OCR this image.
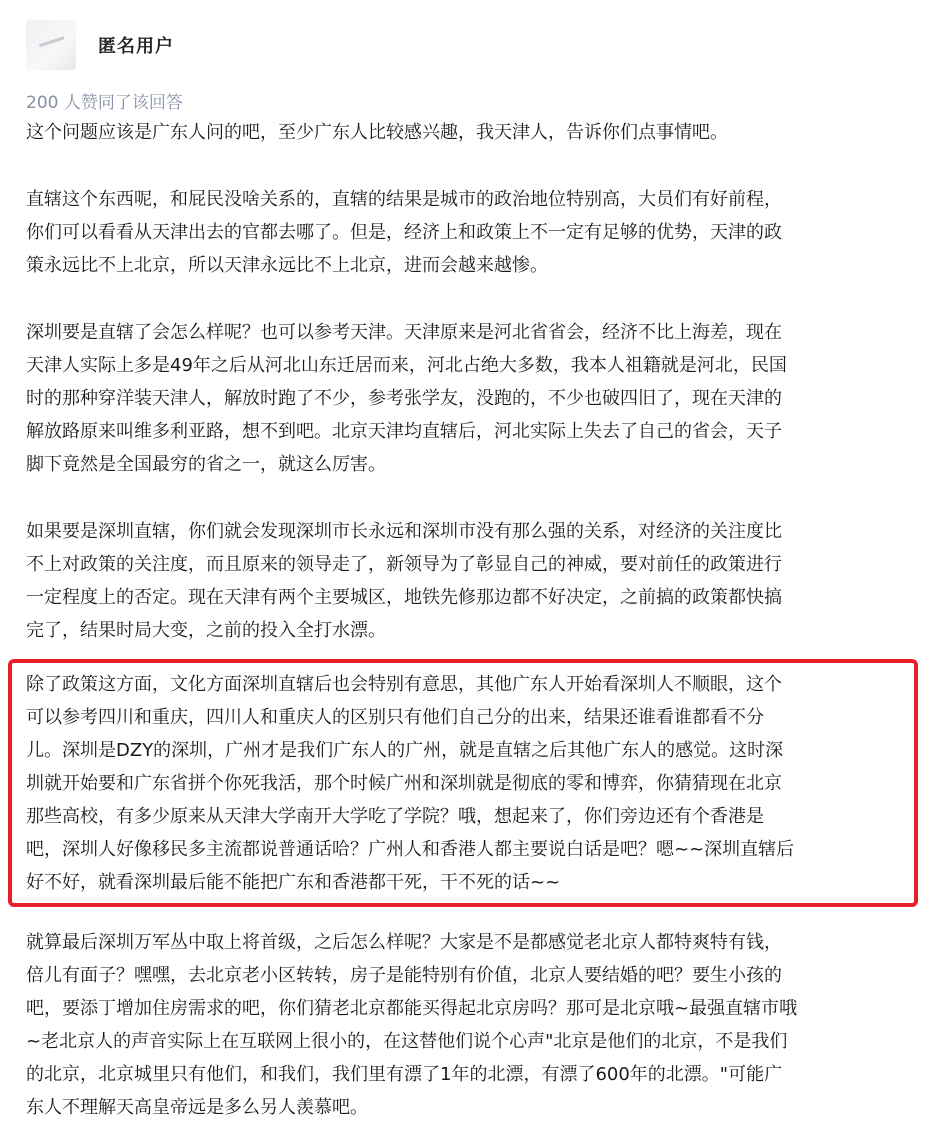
匿名用户
200 人赞同了该回答

这个问题应该是广东人问的吧，至少广东人比较感兴趣，我天津人，告诉你们点事情吧。

直辖这个东西呢，和屁民没啥关系的，直辖的结果是城市的政治地位特别高，大员们有好前程，
你们可以看看从天津出去的官都去哪了。但是，经济上和政策上不一定有足够的优势，天津的政
策永远比不上北京，所以天津永远比不上北京，进而会越来越惨。

深圳要是直辖了会怎么样呢？也可以参考天津。天津原来是河北省省会，经济不比上海差，现在
天津人实际上多是49年之后从河北山东迁居而来，河北占绝大多数，我本人祖籍就是河北，民国
时的那种穿洋装天津人，解放时跑了不少，参考张学友，没跑的，不少也破四旧了，现在天津的
解放路原来叫维多利亚路，想不到吧。北京天津均直辖后，河北实际上失去了自己的省会，天子
脚下竟然是全国最穷的省之一，就这么厉害。

如果要是深圳直辖，你们就会发现深圳市长永远和深圳市没有那么强的关系，对经济的关注度比
不上对政策的关注度，而且原来的领导走了，新领导为了彰显自己的神威，要对前任的政策进行
一定程度上的否定。现在天津有两个主要城区，地铁先修那边都不好决定，之前搞的政策都快搞
完了，结果时局大变，之前的投入全打水漂。

除了政策这方面，文化方面深圳直辖后也会特别有意思，其他广东人开始看深圳人不顺眼，这个
可以参考四川和重庆，四川人和重庆人的区别只有他们自己分的出来，结果还谁看谁都看不分
儿。深圳是DZY的深圳，广州才是我们广东人的广州，就是直辖之后其他广东人的感觉。这时深
圳就开始要和广东省拼个你死我活，那个时候广州和深圳就是彻底的零和博弈，你猜猜现在北京
那些高校，有多少原来从天津大学南开大学吃了学院？哦，想起来了，你们旁边还有个香港是
吧，深圳人好像移民多主流都说普通话哈？广州人和香港人都主要说白话是吧？嗯~~深圳直辖后
好不好，就看深圳最后能不能把广东和香港都干死，干不死的话~~

就算最后深圳万军丛中取上将首级，之后怎么样呢？大家是不是都感觉老北京人都特爽特有钱，
倍儿有面子？嘿嘿，去北京老小区转转，房子是能特别有价值，北京人要结婚的吧？要生小孩的
吧，要添丁增加住房需求的吧，你们猜老北京都能买得起北京房吗？那可是北京哦~最强直辖市哦
~老北京人的声音实际上在互联网上很小的，在这替他们说个心声"北京是他们的北京，不是我们
的北京，北京城里只有他们，和我们，我们里有漂了1年的北漂，有漂了600年的北漂。"可能广
东人不理解天高皇帝远是多么另人羡慕吧。
